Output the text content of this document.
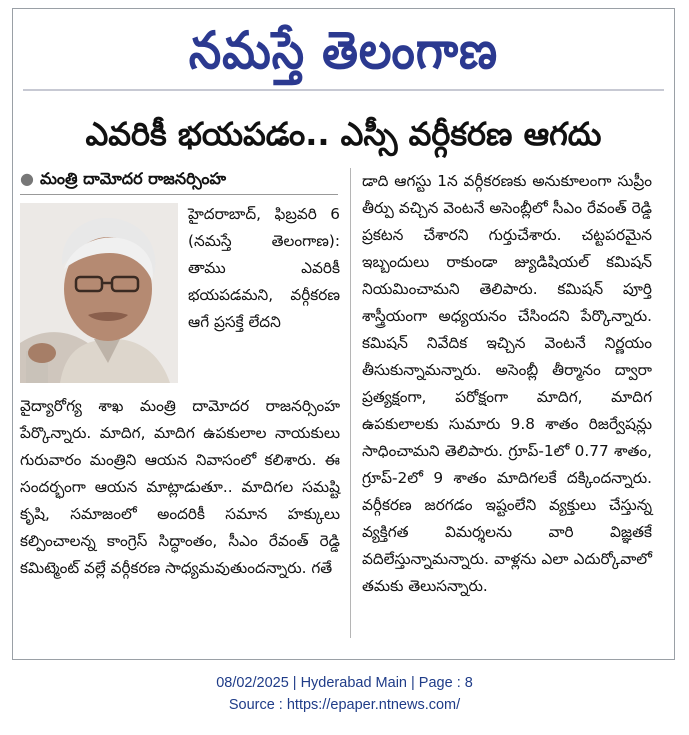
నమస్తే తెలంగాణ
ఎవరికీ భయపడం.. ఎస్సీ వర్గీకరణ ఆగదు
● మంత్రి దామోదర రాజనర్సింహ

హైదరాబాద్, ఫిబ్రవరి 6 (నమస్తే తెలంగాణ): తాము ఎవరికీ భయపడమని, వర్గీకరణ ఆగే ప్రసక్తే లేదని

వైద్యారోగ్య శాఖ మంత్రి దామోదర రాజనర్సింహ పేర్కొన్నారు. మాదిగ, మాదిగ ఉపకులాల నాయకులు గురువారం మంత్రిని ఆయన నివాసంలో కలిశారు. ఈ సందర్భంగా ఆయన మాట్లాడుతూ.. మాదిగల సమష్టి కృషి, సమాజంలో అందరికీ సమాన హక్కులు కల్పించాలన్న కాంగ్రెస్ సిద్ధాంతం, సీఎం రేవంత్ రెడ్డి కమిట్మెంట్ వల్లే వర్గీకరణ సాధ్యమవుతుందన్నారు. గతే

డాది ఆగస్టు 1న వర్గీకరణకు అనుకూలంగా సుప్రీం తీర్పు వచ్చిన వెంటనే అసెంబ్లీలో సీఎం రేవంత్ రెడ్డి ప్రకటన చేశారని గుర్తుచేశారు. చట్టపరమైన ఇబ్బందులు రాకుండా జ్యుడిషియల్ కమిషన్ నియమించామని తెలిపారు. కమిషన్ పూర్తి శాస్త్రీయంగా అధ్యయనం చేసిందని పేర్కొన్నారు. కమిషన్ నివేదిక ఇచ్చిన వెంటనే నిర్ణయం తీసుకున్నామన్నారు. అసెంబ్లీ తీర్మానం ద్వారా ప్రత్యక్షంగా, పరోక్షంగా మాదిగ, మాదిగ ఉపకులాలకు సుమారు 9.8 శాతం రిజర్వేషన్లు సాధించామని తెలిపారు. గ్రూప్-1లో 0.77 శాతం, గ్రూప్-2లో 9 శాతం మాదిగలకే దక్కిందన్నారు. వర్గీకరణ జరగడం ఇష్టంలేని వ్యక్తులు చేస్తున్న వ్యక్తిగత విమర్శలను వారి విజ్ఞతకే వదిలేస్తున్నామన్నారు. వాళ్లను ఎలా ఎదుర్కోవాలో తమకు తెలుసన్నారు.

08/02/2025 | Hyderabad Main | Page : 8
Source : https://epaper.ntnews.com/
